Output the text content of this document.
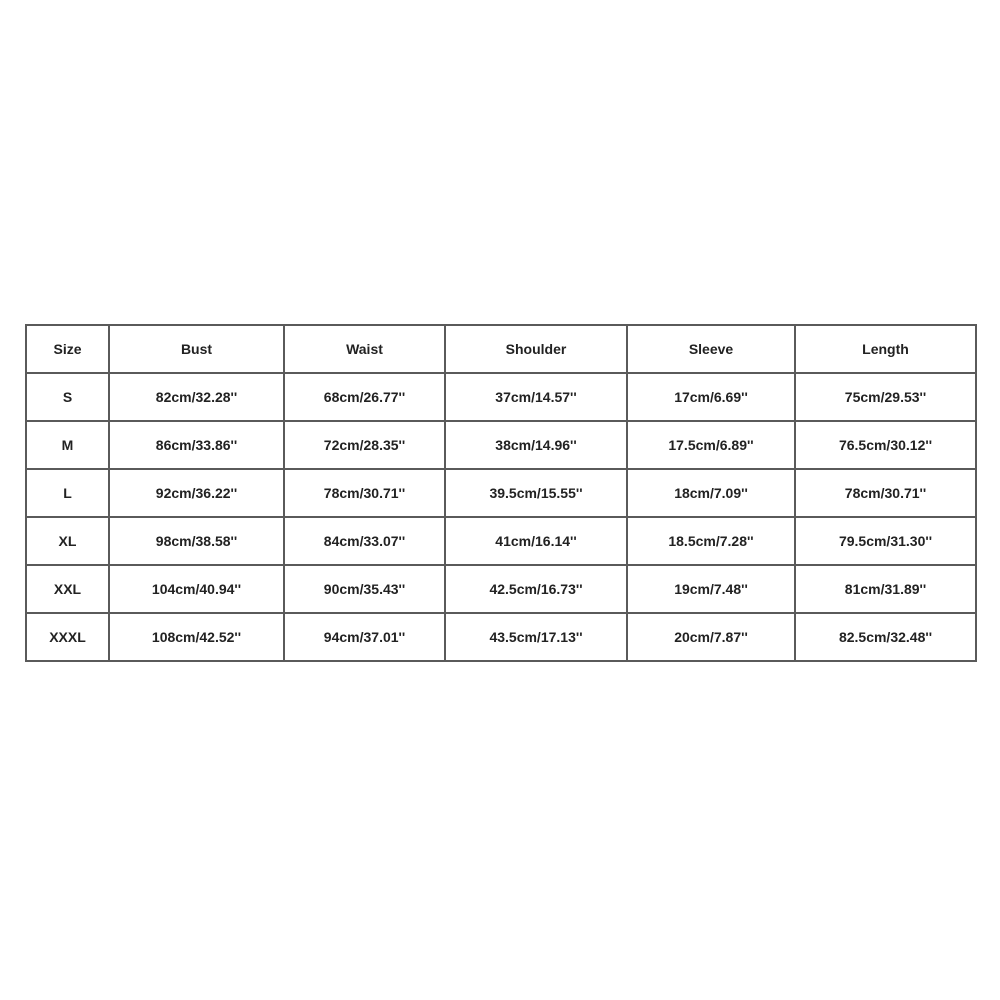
Size	Bust	Waist	Shoulder	Sleeve	Length
S	82cm/32.28''	68cm/26.77''	37cm/14.57''	17cm/6.69''	75cm/29.53''
M	86cm/33.86''	72cm/28.35''	38cm/14.96''	17.5cm/6.89''	76.5cm/30.12''
L	92cm/36.22''	78cm/30.71''	39.5cm/15.55''	18cm/7.09''	78cm/30.71''
XL	98cm/38.58''	84cm/33.07''	41cm/16.14''	18.5cm/7.28''	79.5cm/31.30''
XXL	104cm/40.94''	90cm/35.43''	42.5cm/16.73''	19cm/7.48''	81cm/31.89''
XXXL	108cm/42.52''	94cm/37.01''	43.5cm/17.13''	20cm/7.87''	82.5cm/32.48''
